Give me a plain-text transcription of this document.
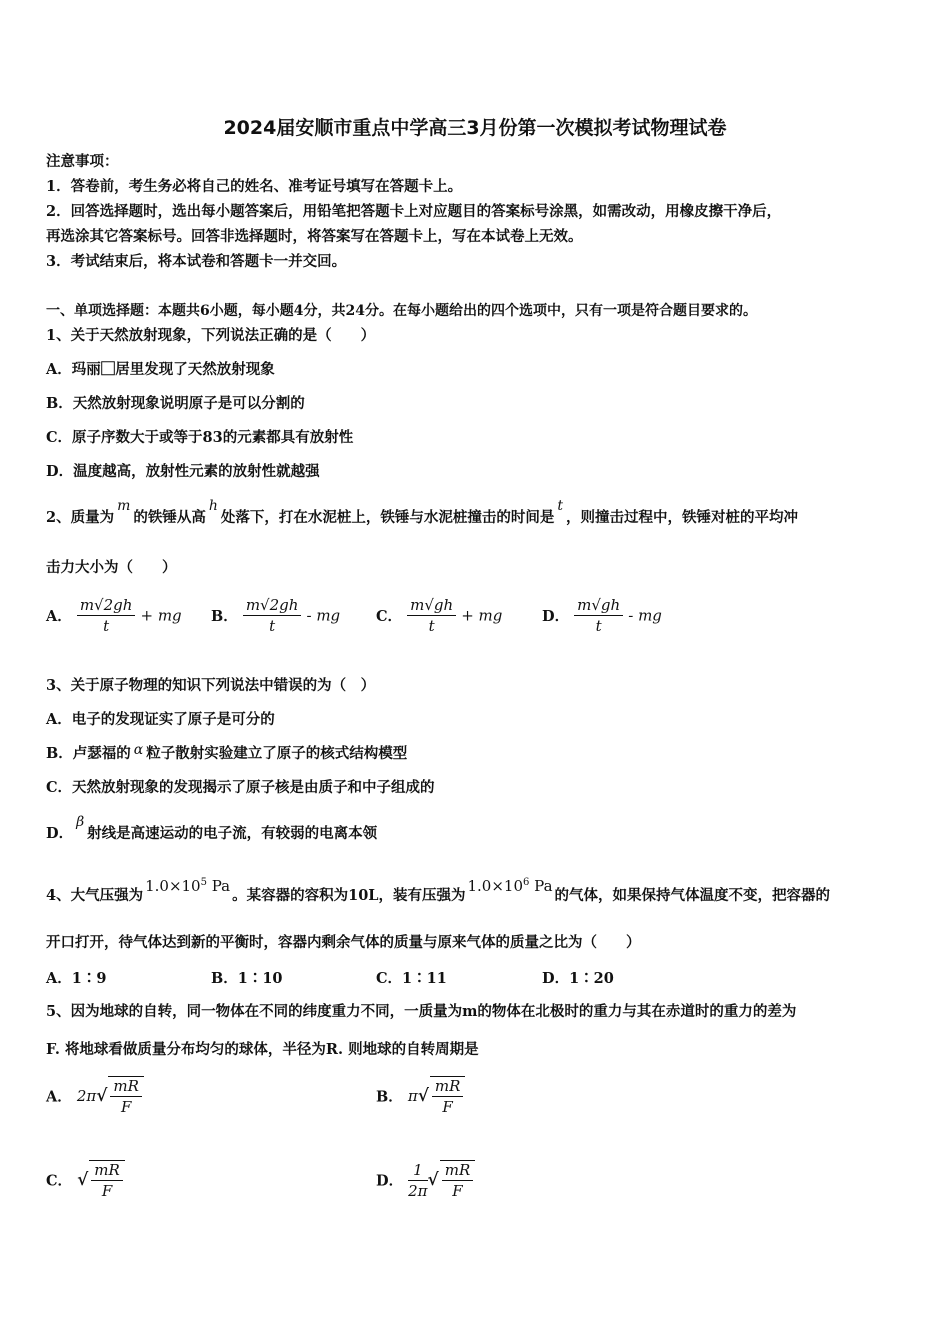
2024届安顺市重点中学高三3月份第一次模拟考试物理试卷
注意事项：
1．答卷前，考生务必将自己的姓名、准考证号填写在答题卡上。
2．回答选择题时，选出每小题答案后，用铅笔把答题卡上对应题目的答案标号涂黑，如需改动，用橡皮擦干净后，
再选涂其它答案标号。回答非选择题时，将答案写在答题卡上，写在本试卷上无效。
3．考试结束后，将本试卷和答题卡一并交回。
一、单项选择题：本题共6小题，每小题4分，共24分。在每小题给出的四个选项中，只有一项是符合题目要求的。
1、关于天然放射现象，下列说法正确的是（　　）
A．玛丽⃞居里发现了天然放射现象
B．天然放射现象说明原子是可以分割的
C．原子序数大于或等于83的元素都具有放射性
D．温度越高，放射性元素的放射性就越强
2、质量为m的铁锤从高h处落下，打在水泥桩上，铁锤与水泥桩撞击的时间是t，则撞击过程中，铁锤对桩的平均冲
击力大小为（　　）
A． $\frac{m√2gh}{t}$ + mg B． $\frac{m√2gh}{t}$ - mg C． $\frac{m√gh}{t}$ + mg	D． $\frac{m√gh}{t}$ - mg
3、关于原子物理的知识下列说法中错误的为（　）
A．电子的发现证实了原子是可分的
B．卢瑟福的 α 粒子散射实验建立了原子的核式结构模型
C．天然放射现象的发现揭示了原子核是由质子和中子组成的
D．β射线是高速运动的电子流，有较弱的电离本领
4、大气压强为$1.0\times 10^5$ Pa。某容器的容积为10L，装有压强为$1.0\times 10^6$ Pa的气体，如果保持气体温度不变，把容器的
开口打开，待气体达到新的平衡时，容器内剩余气体的质量与原来气体的质量之比为（　　）
A．1∶9	B．1∶10	C．1∶11	D．1∶20
5、因为地球的自转，同一物体在不同的纬度重力不同，一质量为m的物体在北极时的重力与其在赤道时的重力的差为
F. 将地球看做质量分布均匀的球体，半径为R. 则地球的自转周期是
A． $2\pi√ \frac{mR}{F}$	B． $\pi√ \frac{mR}{F}$
C． √ $\frac{mR}{F}$	D． $\frac{1}{2\pi}$ √ $\frac{mR}{F}$
